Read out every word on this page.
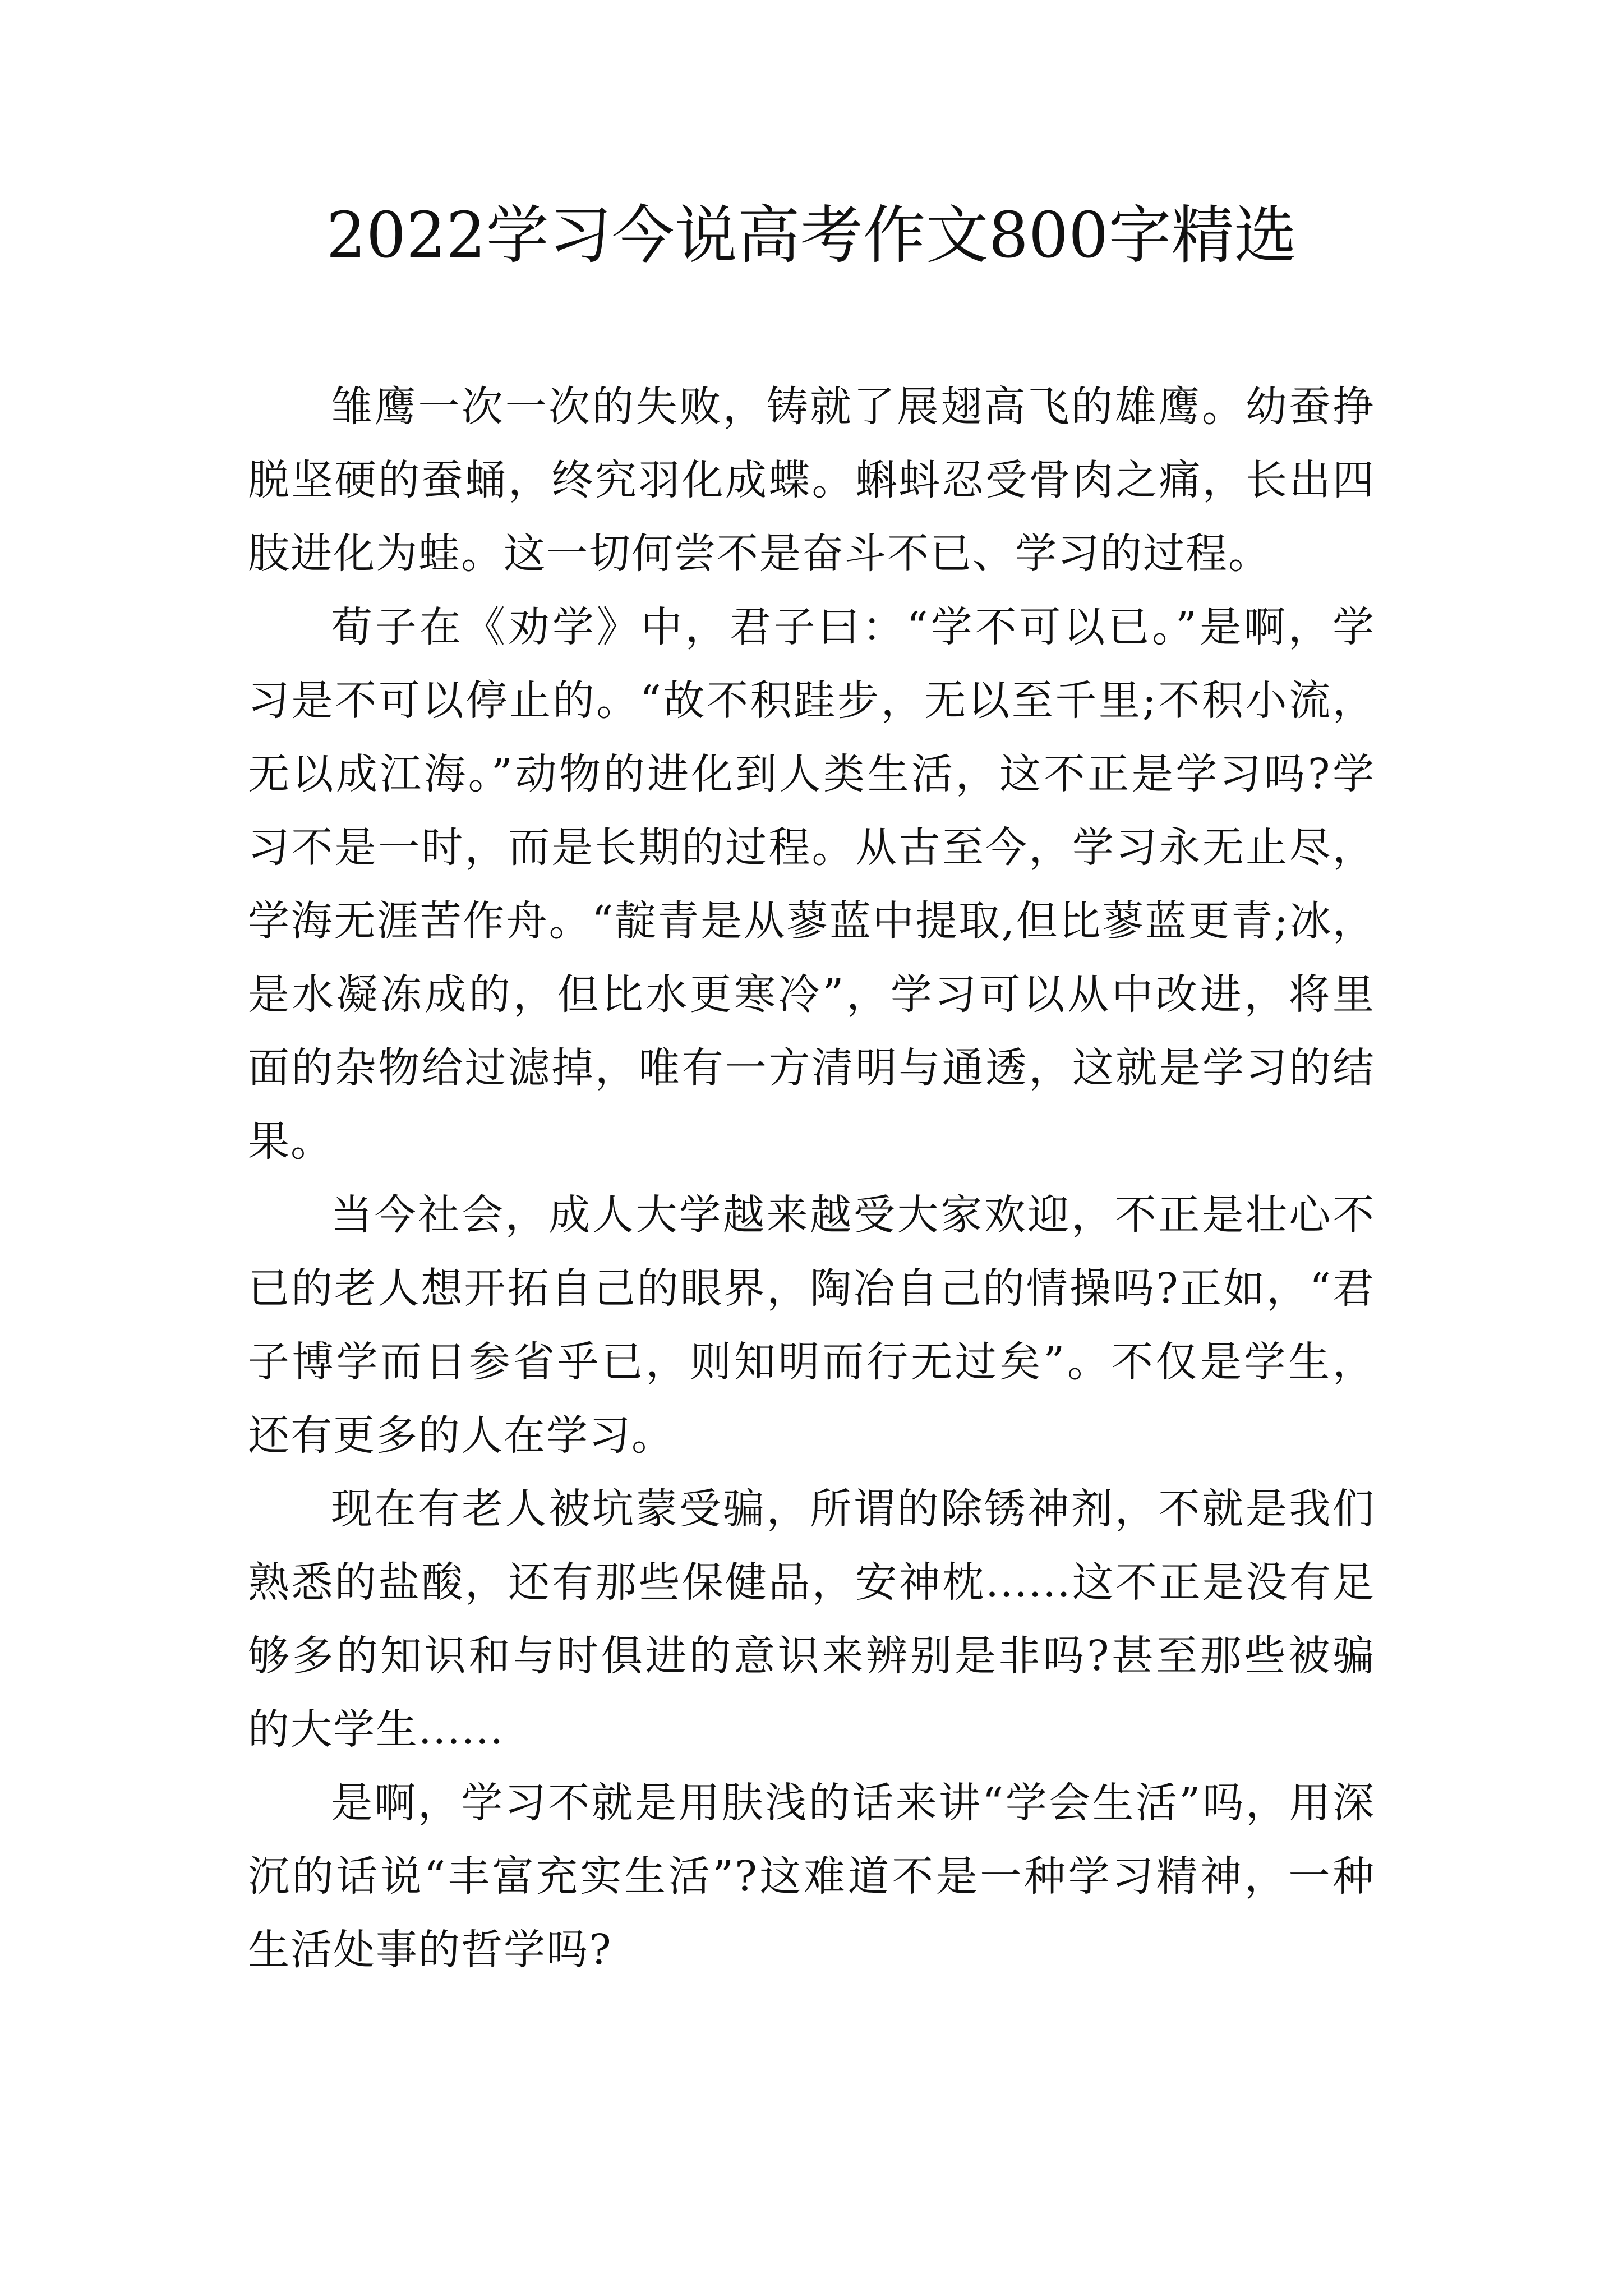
2022学习今说高考作文800字精选

雏鹰一次一次的失败，铸就了展翅高飞的雄鹰。幼蚕挣脱坚硬的蚕蛹，终究羽化成蝶。蝌蚪忍受骨肉之痛，长出四肢进化为蛙。这一切何尝不是奋斗不已、学习的过程。

荀子在《劝学》中，君子曰：“学不可以已。”是啊，学习是不可以停止的。“故不积跬步，无以至千里;不积小流，无以成江海。”动物的进化到人类生活，这不正是学习吗?学习不是一时，而是长期的过程。从古至今，学习永无止尽，学海无涯苦作舟。“靛青是从蓼蓝中提取,但比蓼蓝更青;冰，是水凝冻成的，但比水更寒冷”，学习可以从中改进，将里面的杂物给过滤掉，唯有一方清明与通透，这就是学习的结果。

当今社会，成人大学越来越受大家欢迎，不正是壮心不已的老人想开拓自己的眼界，陶冶自己的情操吗?正如，“君子博学而日参省乎已，则知明而行无过矣”。不仅是学生，还有更多的人在学习。

现在有老人被坑蒙受骗，所谓的除锈神剂，不就是我们熟悉的盐酸，还有那些保健品，安神枕......这不正是没有足够多的知识和与时俱进的意识来辨别是非吗?甚至那些被骗的大学生......

是啊，学习不就是用肤浅的话来讲“学会生活”吗，用深沉的话说“丰富充实生活”?这难道不是一种学习精神，一种生活处事的哲学吗?
